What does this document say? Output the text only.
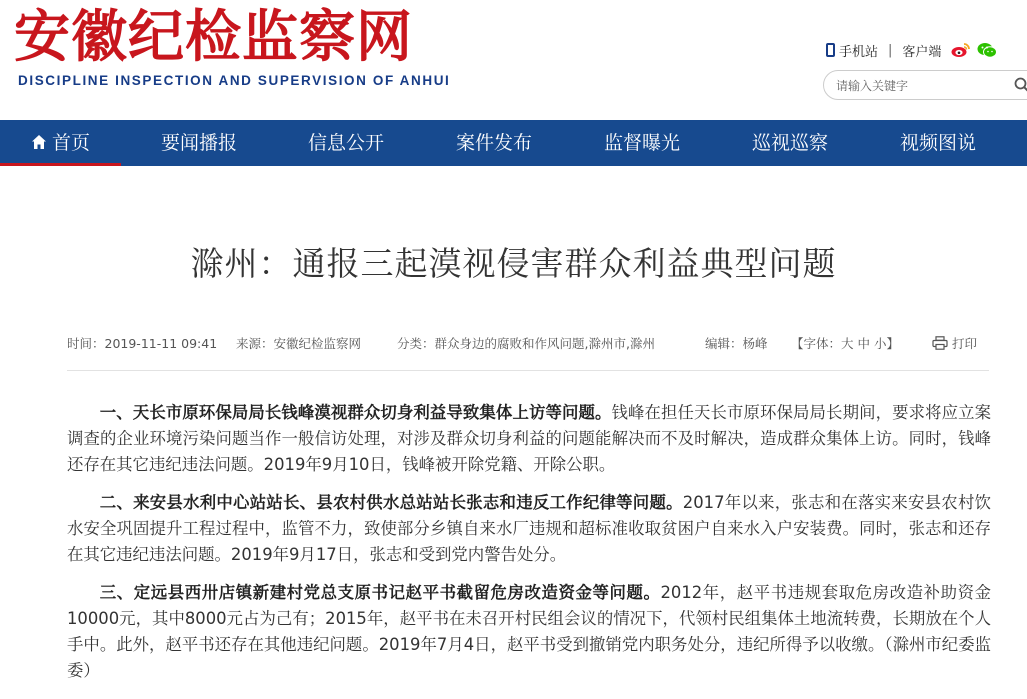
安徽纪检监察网
DISCIPLINE INSPECTION AND SUPERVISION OF ANHUI
手机站 | 客户端
请输入关键字
首页	要闻播报	信息公开	案件发布	监督曝光	巡视巡察	视频图说
滁州：通报三起漠视侵害群众利益典型问题
时间：2019-11-11 09:41 来源：安徽纪检监察网	分类：群众身边的腐败和作风问题,滁州市,滁州	编辑：杨峰 【字体：大 中 小】	打印
一、天长市原环保局局长钱峰漠视群众切身利益导致集体上访等问题。钱峰在担任天长市原环保局局长期间，要求将应立案调查的企业环境污染问题当作一般信访处理，对涉及群众切身利益的问题能解决而不及时解决，造成群众集体上访。同时，钱峰还存在其它违纪违法问题。2019年9月10日，钱峰被开除党籍、开除公职。
二、来安县水利中心站站长、县农村供水总站站长张志和违反工作纪律等问题。2017年以来，张志和在落实来安县农村饮水安全巩固提升工程过程中，监管不力，致使部分乡镇自来水厂违规和超标准收取贫困户自来水入户安装费。同时，张志和还存在其它违纪违法问题。2019年9月17日，张志和受到党内警告处分。
三、定远县西卅店镇新建村党总支原书记赵平书截留危房改造资金等问题。2012年，赵平书违规套取危房改造补助资金10000元，其中8000元占为己有；2015年，赵平书在未召开村民组会议的情况下，代领村民组集体土地流转费，长期放在个人手中。此外，赵平书还存在其他违纪问题。2019年7月4日，赵平书受到撤销党内职务处分，违纪所得予以收缴。（滁州市纪委监委）
